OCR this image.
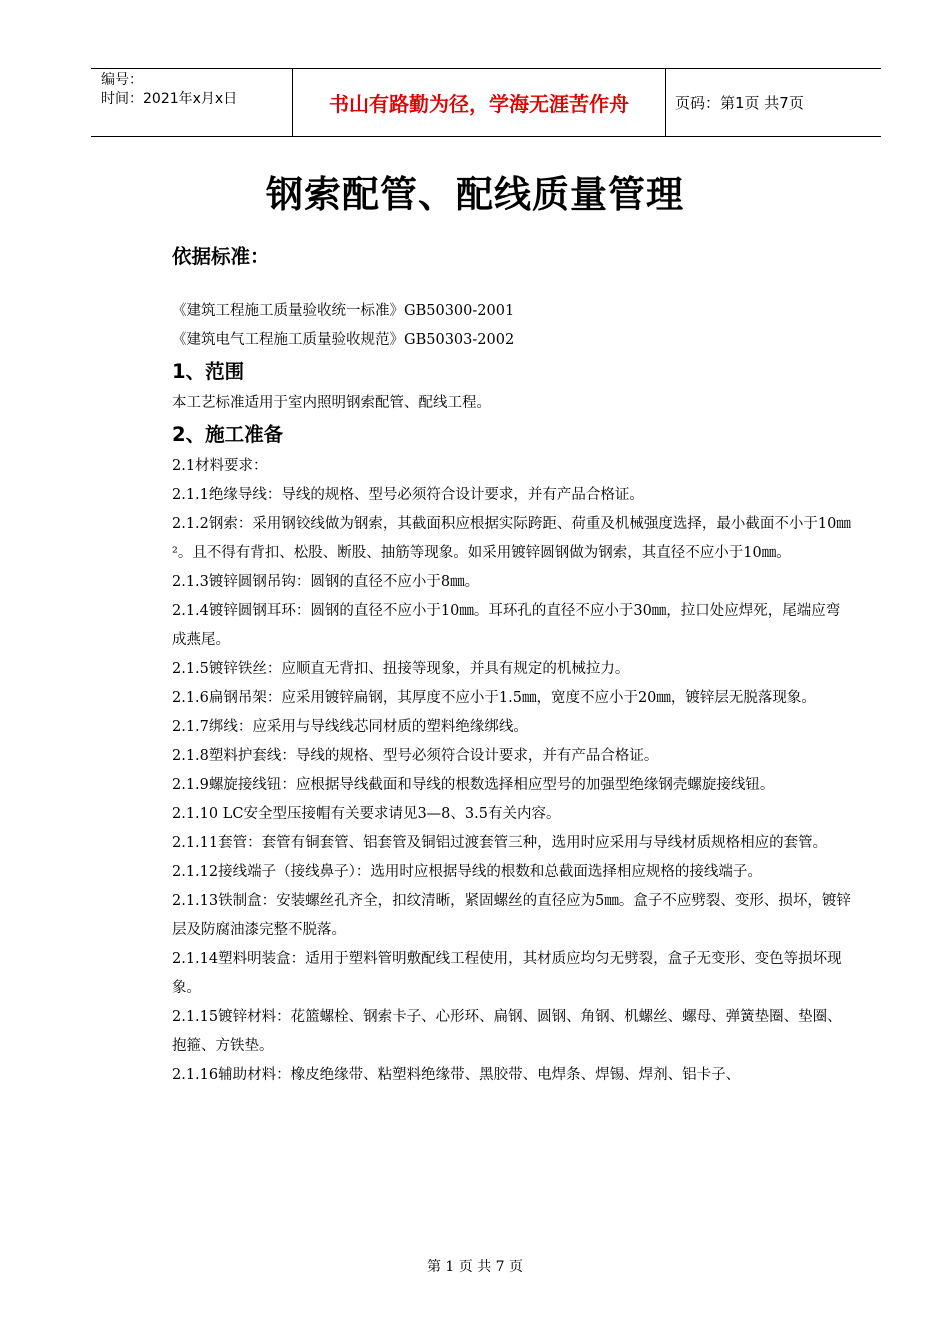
编号：
时间：2021年x月x日	书山有路勤为径，学海无涯苦作舟	页码：第1页 共7页
钢索配管、配线质量管理
依据标准：

《建筑工程施工质量验收统一标准》GB50300-2001

《建筑电气工程施工质量验收规范》GB50303-2002

1、范围

本工艺标准适用于室内照明钢索配管、配线工程。

2、施工准备

2.1材料要求：

2.1.1绝缘导线：导线的规格、型号必须符合设计要求，并有产品合格证。

2.1.2钢索：采用钢铰线做为钢索，其截面积应根据实际跨距、荷重及机械强度选择，最小截面不小于10㎜²。且不得有背扣、松股、断股、抽筋等现象。如采用镀锌圆钢做为钢索，其直径不应小于10㎜。

2.1.3镀锌圆钢吊钩：圆钢的直径不应小于8㎜。

2.1.4镀锌圆钢耳环：圆钢的直径不应小于10㎜。耳环孔的直径不应小于30㎜，拉口处应焊死，尾端应弯成燕尾。

2.1.5镀锌铁丝：应顺直无背扣、扭接等现象，并具有规定的机械拉力。

2.1.6扁钢吊架：应采用镀锌扁钢，其厚度不应小于1.5㎜，宽度不应小于20㎜，镀锌层无脱落现象。

2.1.7绑线：应采用与导线线芯同材质的塑料绝缘绑线。

2.1.8塑料护套线：导线的规格、型号必须符合设计要求，并有产品合格证。

2.1.9螺旋接线钮：应根据导线截面和导线的根数选择相应型号的加强型绝缘钢壳螺旋接线钮。

2.1.10 LC安全型压接帽有关要求请见3—8、3.5有关内容。

2.1.11套管：套管有铜套管、铝套管及铜铝过渡套管三种，选用时应采用与导线材质规格相应的套管。

2.1.12接线端子（接线鼻子）：选用时应根据导线的根数和总截面选择相应规格的接线端子。

2.1.13铁制盒：安装螺丝孔齐全，扣纹清晰，紧固螺丝的直径应为5㎜。盒子不应劈裂、变形、损坏，镀锌层及防腐油漆完整不脱落。

2.1.14塑料明装盒：适用于塑料管明敷配线工程使用，其材质应均匀无劈裂，盒子无变形、变色等损坏现象。

2.1.15镀锌材料：花篮螺栓、钢索卡子、心形环、扁钢、圆钢、角钢、机螺丝、螺母、弹簧垫圈、垫圈、抱箍、方铁垫。

2.1.16辅助材料：橡皮绝缘带、粘塑料绝缘带、黑胶带、电焊条、焊锡、焊剂、铝卡子、

第 1 页 共 7 页
